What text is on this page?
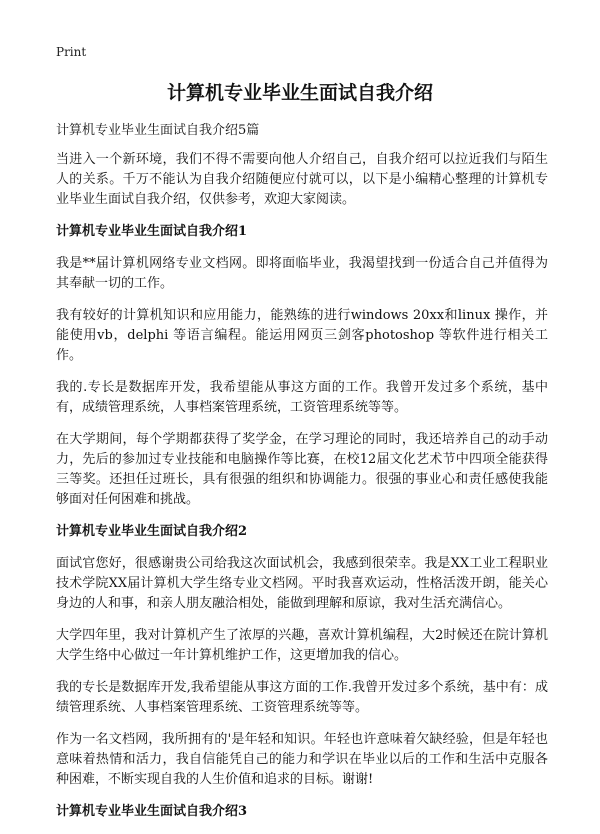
Print
计算机专业毕业生面试自我介绍
计算机专业毕业生面试自我介绍5篇
当进入一个新环境，我们不得不需要向他人介绍自己，自我介绍可以拉近我们与陌生人的关系。千万不能认为自我介绍随便应付就可以，以下是小编精心整理的计算机专业毕业生面试自我介绍，仅供参考，欢迎大家阅读。
计算机专业毕业生面试自我介绍1
我是**届计算机网络专业文档网。即将面临毕业，我渴望找到一份适合自己并值得为其奉献一切的工作。
我有较好的计算机知识和应用能力，能熟练的进行windows 20xx和linux 操作，并能使用vb，delphi 等语言编程。能运用网页三剑客photoshop 等软件进行相关工作。
我的.专长是数据库开发，我希望能从事这方面的工作。我曾开发过多个系统，基中有，成绩管理系统，人事档案管理系统，工资管理系统等等。
在大学期间，每个学期都获得了奖学金，在学习理论的同时，我还培养自己的动手动力，先后的参加过专业技能和电脑操作等比赛，在校12届文化艺术节中四项全能获得三等奖。还担任过班长，具有很强的组织和协调能力。很强的事业心和责任感使我能够面对任何困难和挑战。
计算机专业毕业生面试自我介绍2
面试官您好，很感谢贵公司给我这次面试机会，我感到很荣幸。我是XX工业工程职业技术学院XX届计算机大学生络专业文档网。平时我喜欢运动，性格活泼开朗，能关心身边的人和事，和亲人朋友融洽相处，能做到理解和原谅，我对生活充满信心。
大学四年里，我对计算机产生了浓厚的兴趣，喜欢计算机编程，大2时候还在院计算机大学生络中心做过一年计算机维护工作，这更增加我的信心。
我的专长是数据库开发,我希望能从事这方面的工作.我曾开发过多个系统，基中有：成绩管理系统、人事档案管理系统、工资管理系统等等。
作为一名文档网，我所拥有的'是年轻和知识。年轻也许意味着欠缺经验，但是年轻也意味着热情和活力，我自信能凭自己的能力和学识在毕业以后的工作和生活中克服各种困难，不断实现自我的人生价值和追求的目标。谢谢!
计算机专业毕业生面试自我介绍3
